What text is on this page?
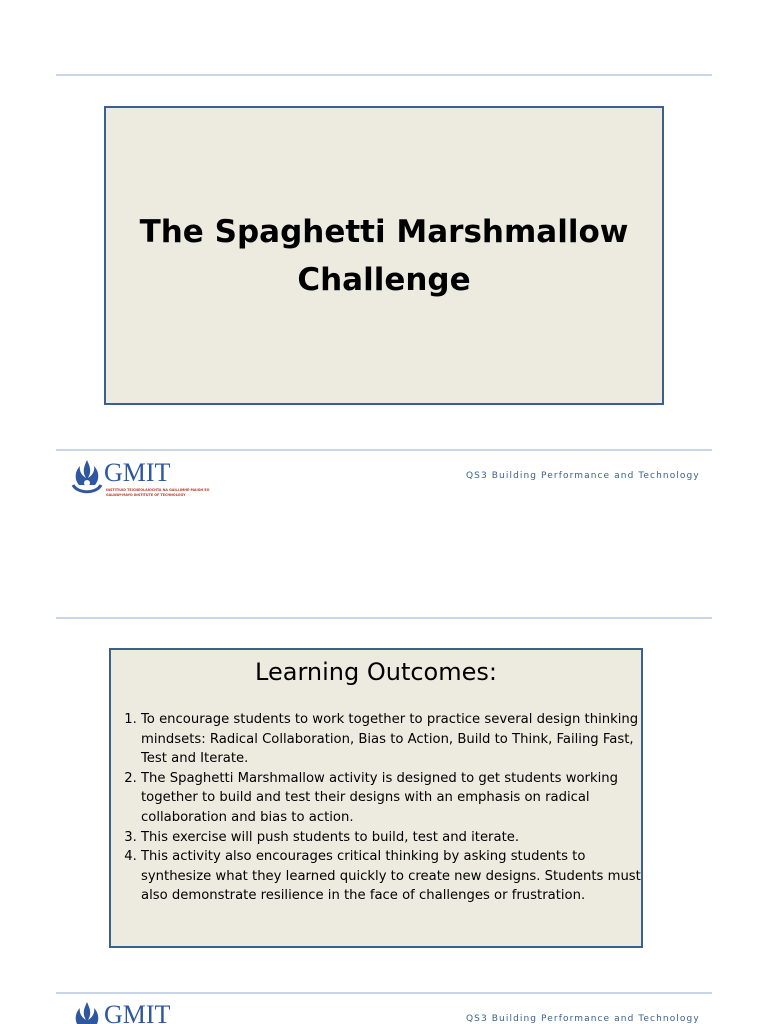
The Spaghetti Marshmallow
Challenge
GMIT
INSTITIÚID TEICNEOLAÍOCHTA NA GAILLIMHE-MAIGH EO
GALWAY-MAYO INSTITUTE OF TECHNOLOGY
QS3 Building Performance and Technology
Learning Outcomes:
1. To encourage students to work together to practice several design thinking mindsets: Radical Collaboration, Bias to Action, Build to Think, Failing Fast, Test and Iterate.
2. The Spaghetti Marshmallow activity is designed to get students working together to build and test their designs with an emphasis on radical collaboration and bias to action.
3. This exercise will push students to build, test and iterate.
4. This activity also encourages critical thinking by asking students to synthesize what they learned quickly to create new designs. Students must also demonstrate resilience in the face of challenges or frustration.
GMIT	QS3 Building Performance and Technology
